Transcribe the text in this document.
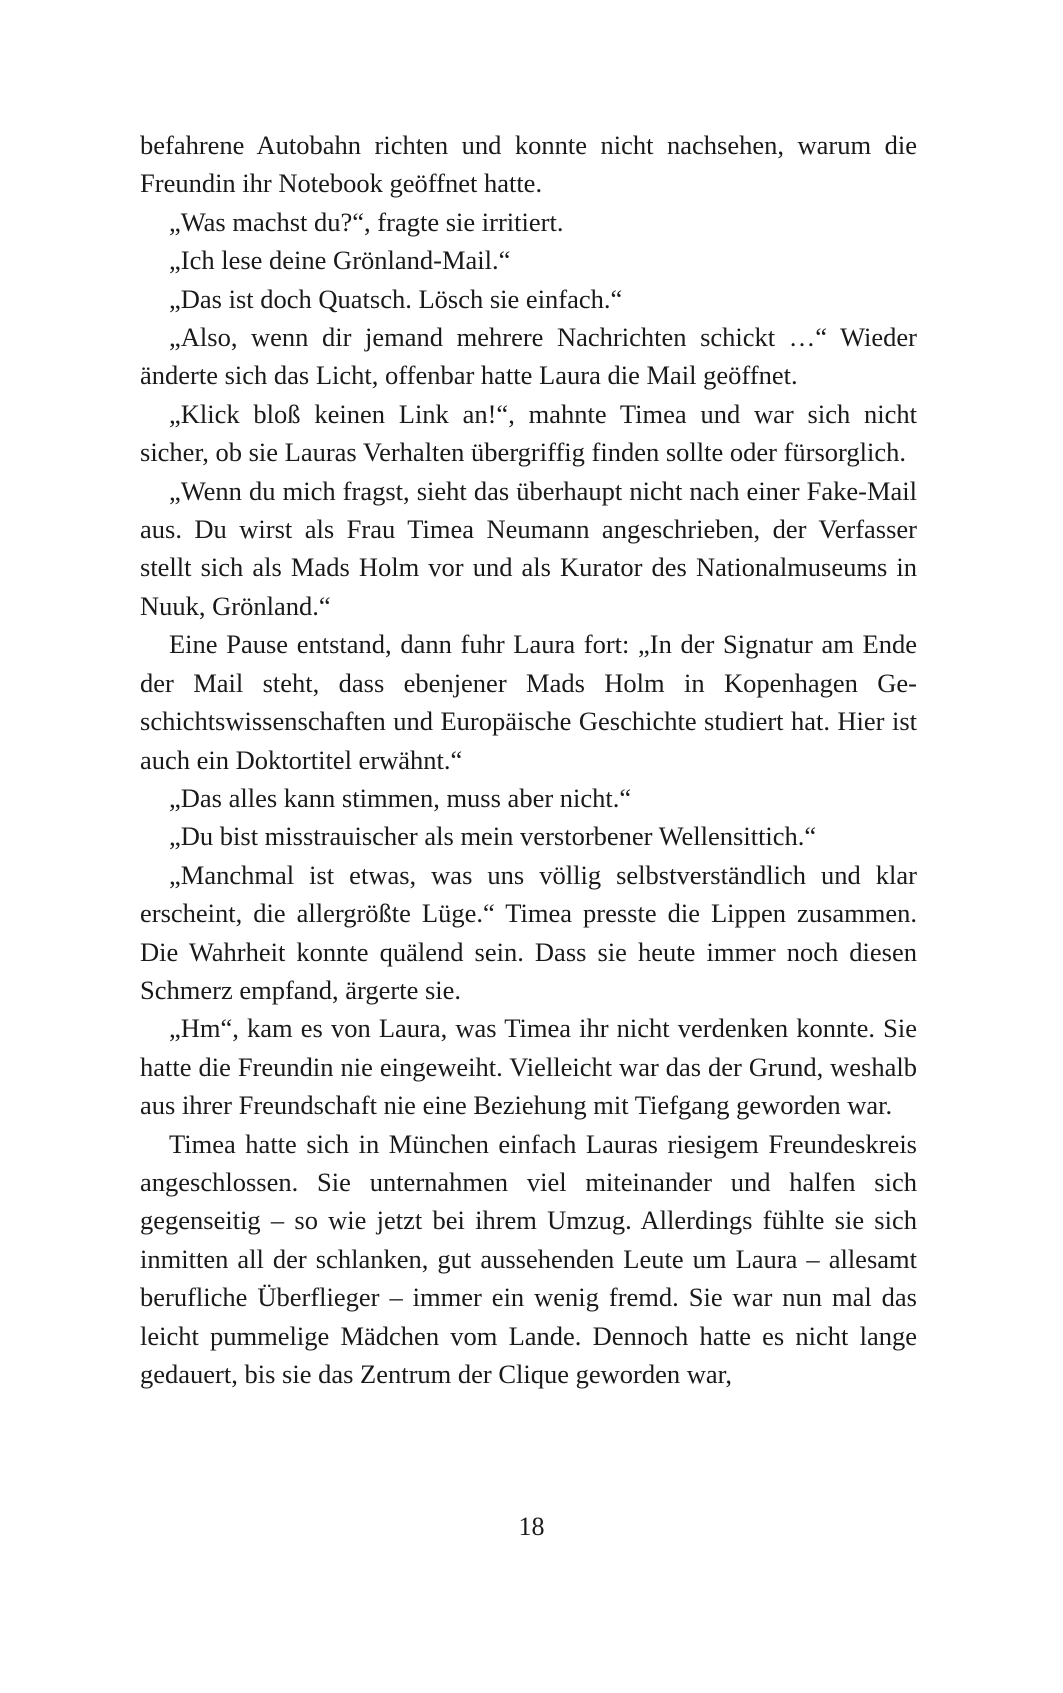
befahrene Autobahn richten und konnte nicht nachsehen, warum die Freundin ihr Notebook geöffnet hatte.

„Was machst du?“, fragte sie irritiert.

„Ich lese deine Grönland-Mail.“

„Das ist doch Quatsch. Lösch sie einfach.“

„Also, wenn dir jemand mehrere Nachrichten schickt …“ Wieder änderte sich das Licht, offenbar hatte Laura die Mail geöffnet.

„Klick bloß keinen Link an!“, mahnte Timea und war sich nicht sicher, ob sie Lauras Verhalten übergriffig finden sollte oder fürsorglich.

„Wenn du mich fragst, sieht das überhaupt nicht nach einer Fake-Mail aus. Du wirst als Frau Timea Neumann angeschrieben, der Verfasser stellt sich als Mads Holm vor und als Kurator des Nationalmuseums in Nuuk, Grönland.“

Eine Pause entstand, dann fuhr Laura fort: „In der Signatur am Ende der Mail steht, dass ebenjener Mads Holm in Kopenhagen Geschichtswissenschaften und Europäische Geschichte studiert hat. Hier ist auch ein Doktortitel erwähnt.“

„Das alles kann stimmen, muss aber nicht.“

„Du bist misstrauischer als mein verstorbener Wellensittich.“

„Manchmal ist etwas, was uns völlig selbstverständlich und klar erscheint, die allergrößte Lüge.“ Timea presste die Lippen zusammen. Die Wahrheit konnte quälend sein. Dass sie heute immer noch diesen Schmerz empfand, ärgerte sie.

„Hm“, kam es von Laura, was Timea ihr nicht verdenken konnte. Sie hatte die Freundin nie eingeweiht. Vielleicht war das der Grund, weshalb aus ihrer Freundschaft nie eine Beziehung mit Tiefgang geworden war.

Timea hatte sich in München einfach Lauras riesigem Freundeskreis angeschlossen. Sie unternahmen viel miteinander und halfen sich gegenseitig – so wie jetzt bei ihrem Umzug. Allerdings fühlte sie sich inmitten all der schlanken, gut aussehenden Leute um Laura – allesamt berufliche Überflieger – immer ein wenig fremd. Sie war nun mal das leicht pummelige Mädchen vom Lande. Dennoch hatte es nicht lange gedauert, bis sie das Zentrum der Clique geworden war,

18
